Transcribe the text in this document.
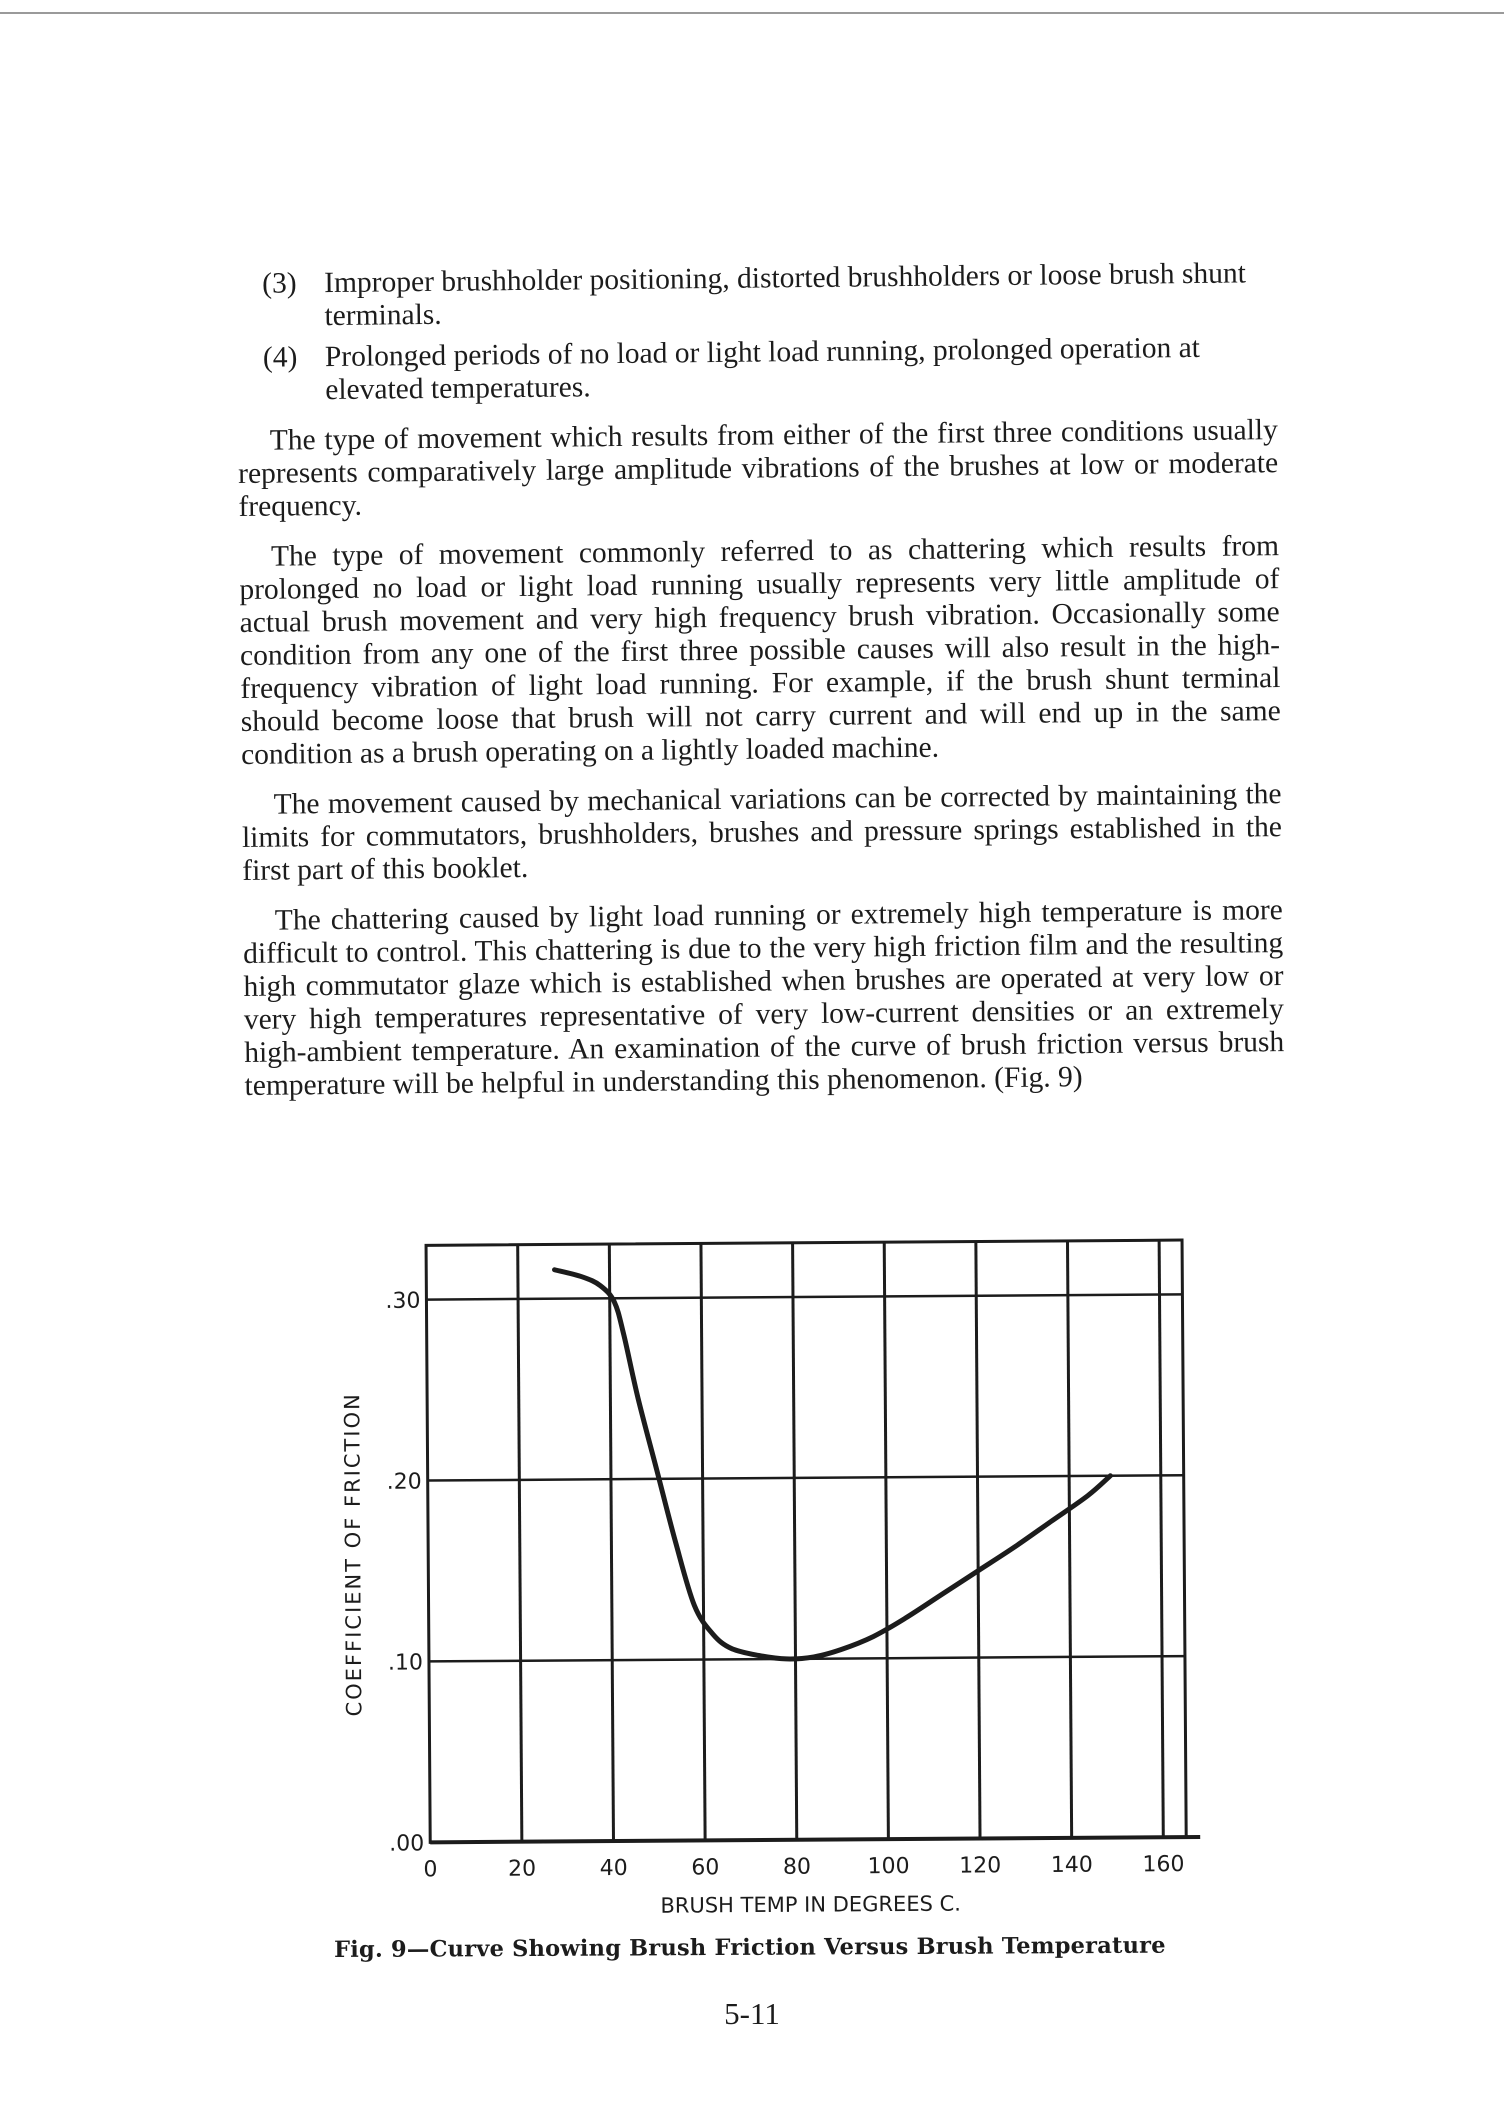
(3) Improper brushholder positioning, distorted brushholders or loose brush shunt terminals.

(4) Prolonged periods of no load or light load running, prolonged operation at elevated temperatures.

The type of movement which results from either of the first three conditions usually represents comparatively large amplitude vibrations of the brushes at low or moderate frequency.

The type of movement commonly referred to as chattering which results from prolonged no load or light load running usually represents very little amplitude of actual brush movement and very high frequency brush vibration. Occasionally some condition from any one of the first three possible causes will also result in the high-frequency vibration of light load running. For example, if the brush shunt terminal should become loose that brush will not carry current and will end up in the same condition as a brush operating on a lightly loaded machine.

The movement caused by mechanical variations can be corrected by maintaining the limits for commutators, brushholders, brushes and pressure springs established in the first part of this booklet.

The chattering caused by light load running or extremely high temperature is more difficult to control. This chattering is due to the very high friction film and the resulting high commutator glaze which is established when brushes are operated at very low or very high temperatures representative of very low-current densities or an extremely high-ambient temperature. An examination of the curve of brush friction versus brush temperature will be helpful in understanding this phenomenon. (Fig. 9)

0	20	40	60	80	100 120 140 160
.00
.10
.20
.30
BRUSH TEMP IN DEGREES C.
COEFFICIENT OF FRICTION
Fig. 9—Curve Showing Brush Friction Versus Brush Temperature
5-11
